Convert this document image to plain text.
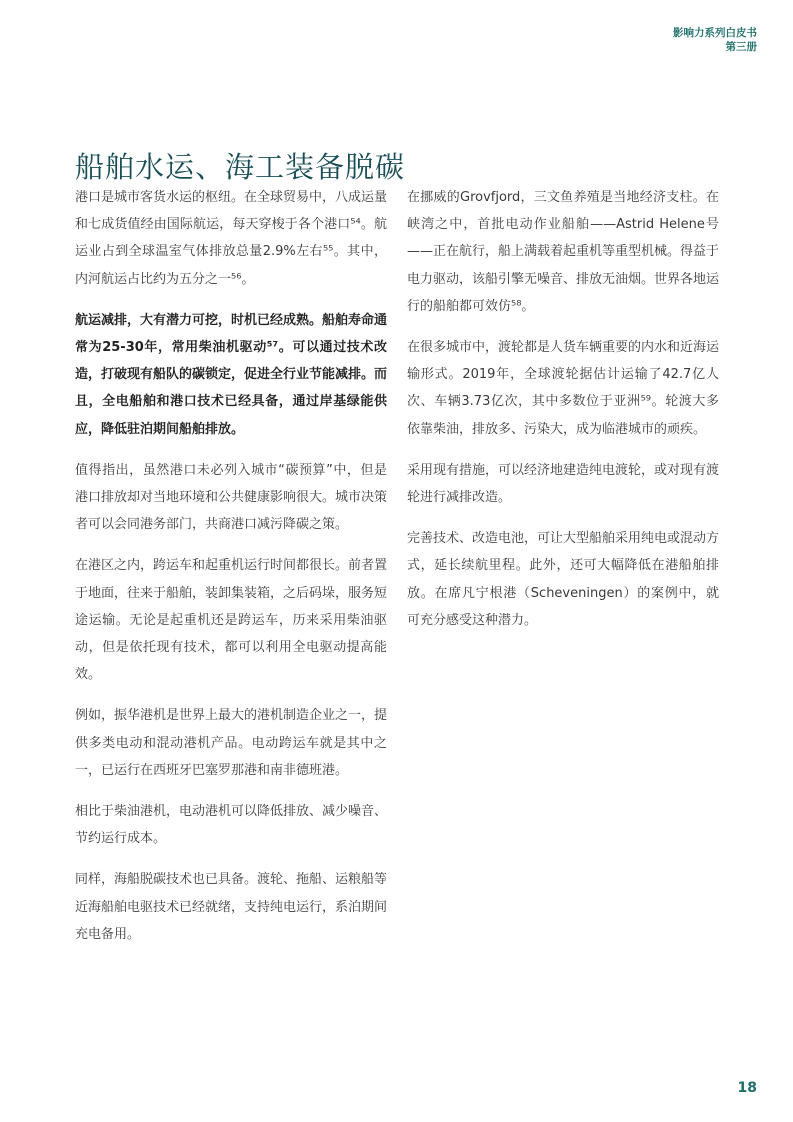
影响力系列白皮书
第三册
船舶水运、海工装备脱碳

港口是城市客货水运的枢纽。在全球贸易中，八成运量和七成货值经由国际航运，每天穿梭于各个港口⁵⁴。航运业占到全球温室气体排放总量2.9%左右⁵⁵。其中，内河航运占比约为五分之一⁵⁶。

航运减排，大有潜力可挖，时机已经成熟。船舶寿命通常为25-30年，常用柴油机驱动⁵⁷。可以通过技术改造，打破现有船队的碳锁定，促进全行业节能减排。而且，全电船舶和港口技术已经具备，通过岸基绿能供应，降低驻泊期间船舶排放。

值得指出，虽然港口未必列入城市“碳预算”中，但是港口排放却对当地环境和公共健康影响很大。城市决策者可以会同港务部门，共商港口减污降碳之策。

在港区之内，跨运车和起重机运行时间都很长。前者置于地面，往来于船舶，装卸集装箱，之后码垛，服务短途运输。无论是起重机还是跨运车，历来采用柴油驱动，但是依托现有技术，都可以利用全电驱动提高能效。

例如，振华港机是世界上最大的港机制造企业之一，提供多类电动和混动港机产品。电动跨运车就是其中之一，已运行在西班牙巴塞罗那港和南非德班港。

相比于柴油港机，电动港机可以降低排放、减少噪音、节约运行成本。

同样，海船脱碳技术也已具备。渡轮、拖船、运粮船等近海船舶电驱技术已经就绪，支持纯电运行，系泊期间充电备用。

在挪威的Grovfjord，三文鱼养殖是当地经济支柱。在峡湾之中，首批电动作业船舶——Astrid Helene号——正在航行，船上满载着起重机等重型机械。得益于电力驱动，该船引擎无噪音、排放无油烟。世界各地运行的船舶都可效仿⁵⁸。

在很多城市中，渡轮都是人货车辆重要的内水和近海运输形式。2019年，全球渡轮据估计运输了42.7亿人次、车辆3.73亿次，其中多数位于亚洲⁵⁹。轮渡大多依靠柴油，排放多、污染大，成为临港城市的顽疾。

采用现有措施，可以经济地建造纯电渡轮，或对现有渡轮进行减排改造。

完善技术、改造电池，可让大型船舶采用纯电或混动方式，延长续航里程。此外，还可大幅降低在港船舶排放。在席凡宁根港（Scheveningen）的案例中，就可充分感受这种潜力。

18
